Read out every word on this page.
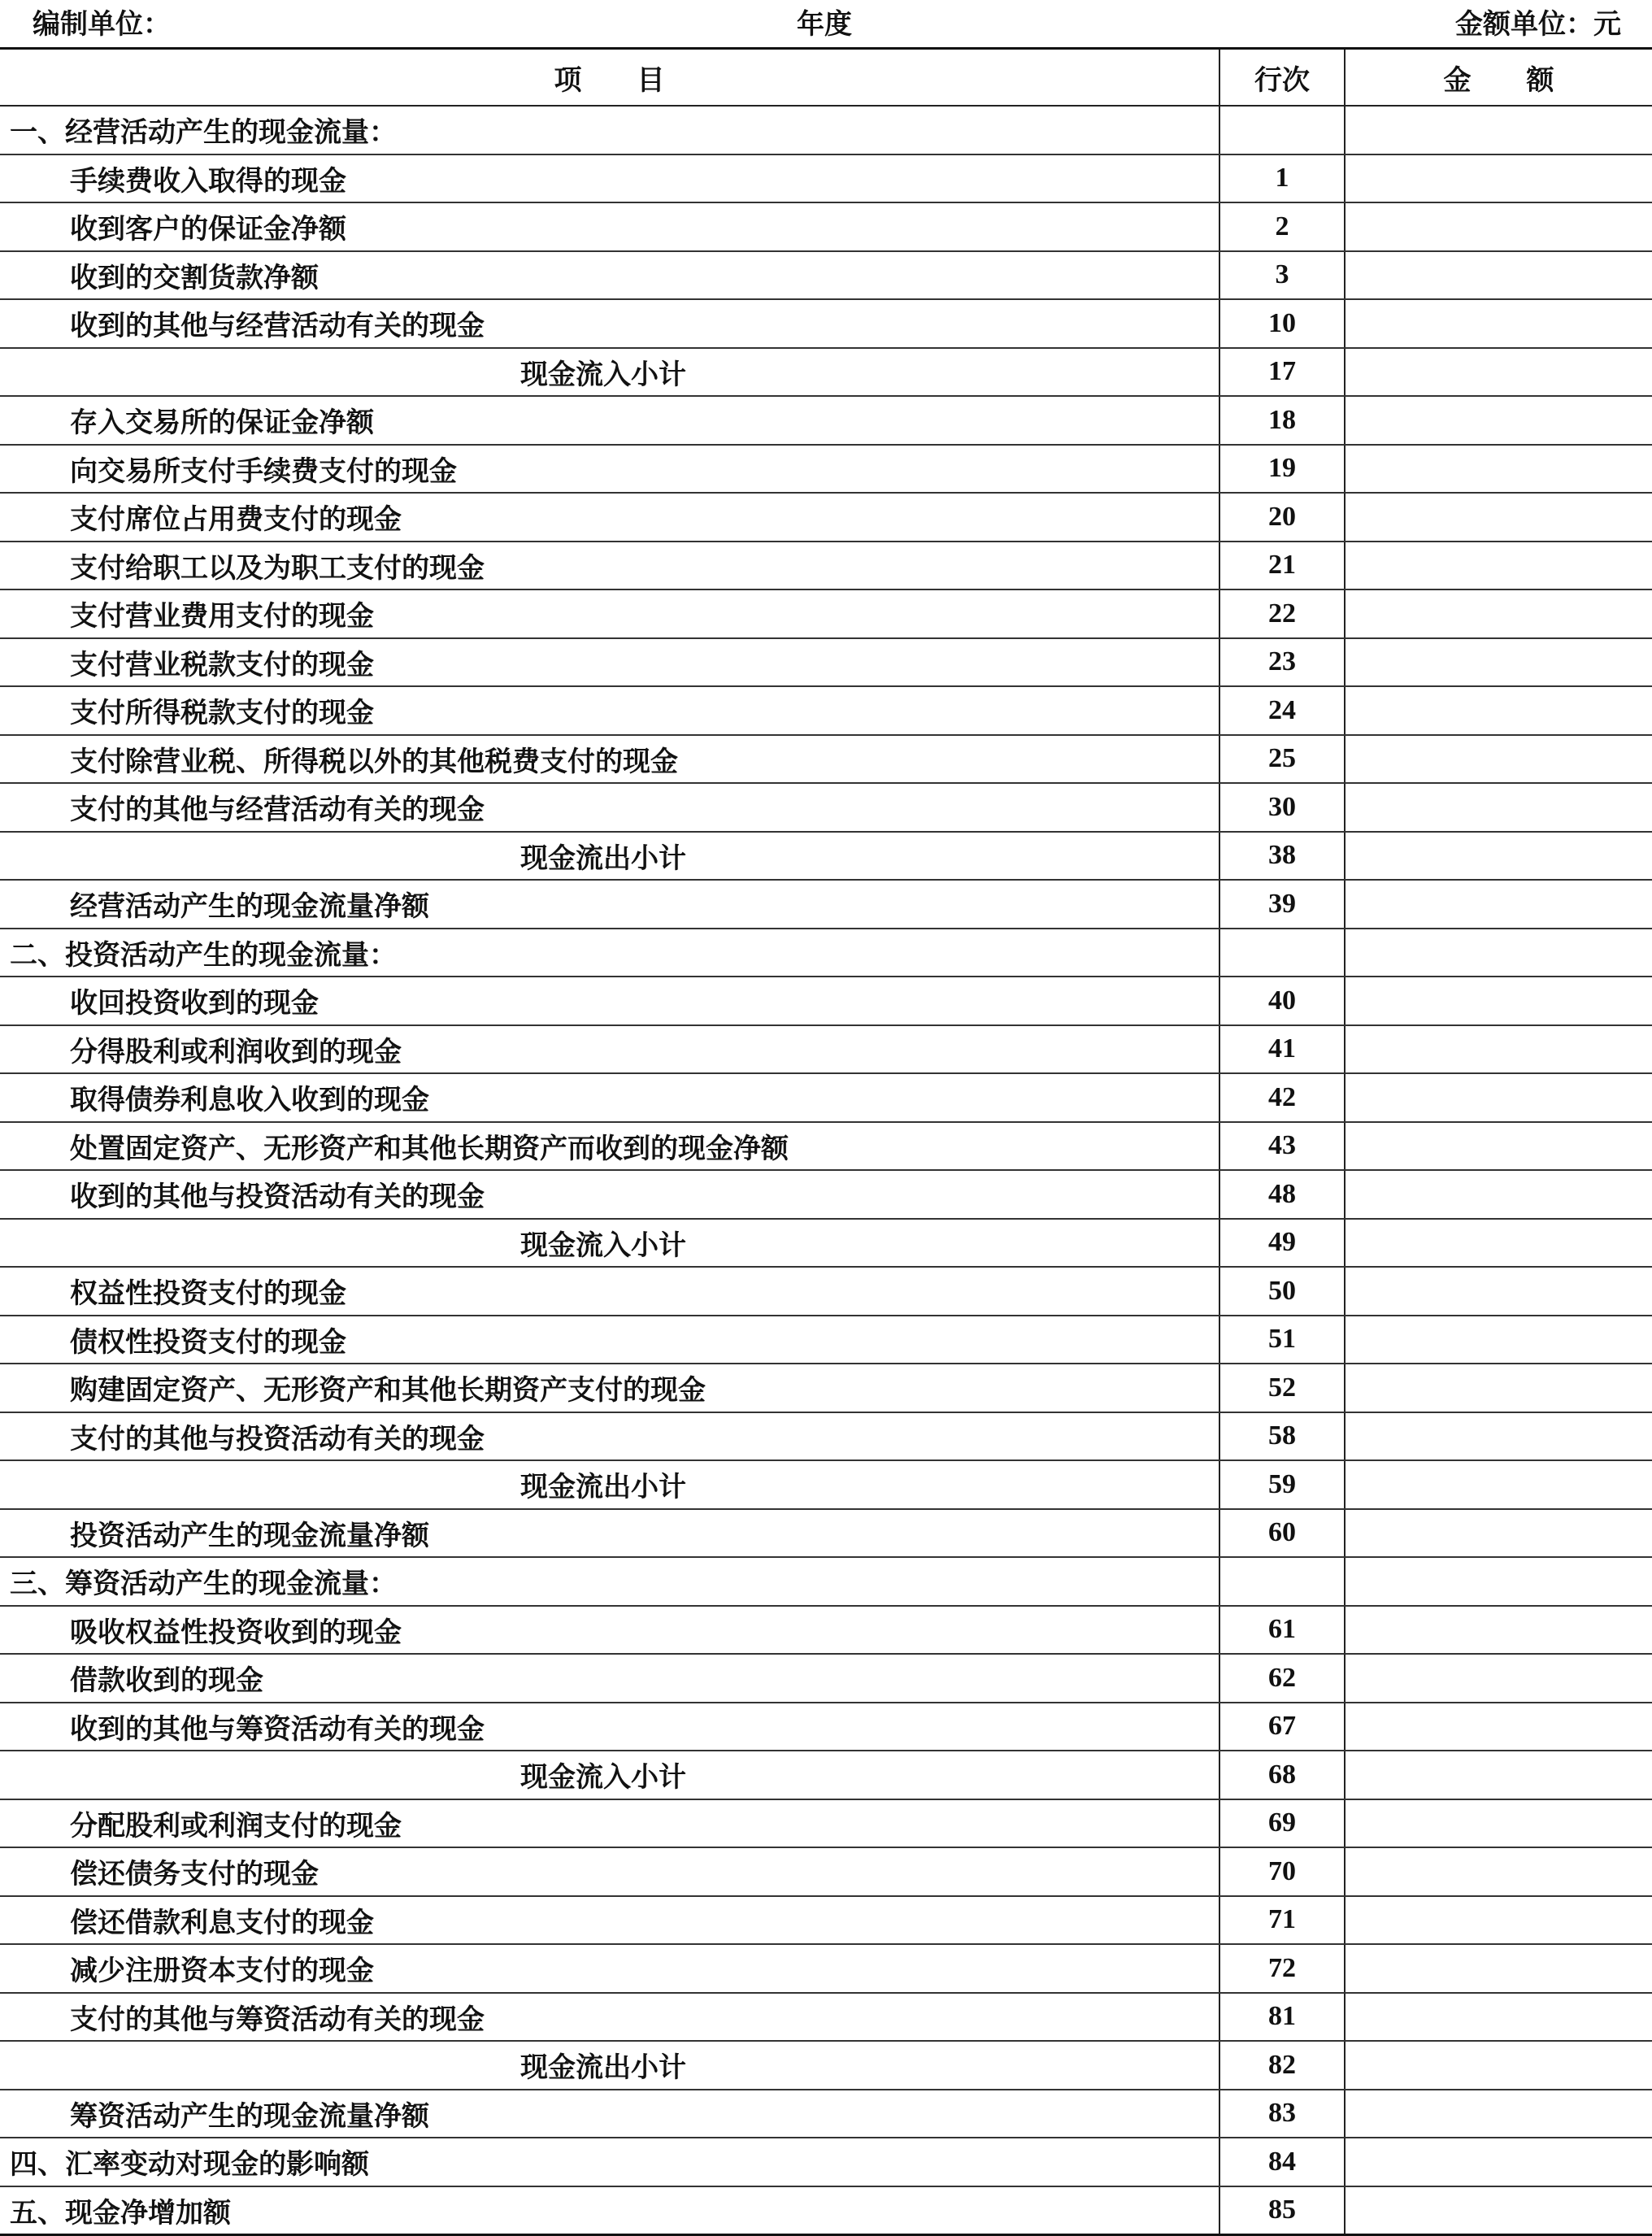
编制单位：	年度	金额单位：元
项　　目	行次	金　　额
一、经营活动产生的现金流量：		
手续费收入取得的现金	1	
收到客户的保证金净额	2	
收到的交割货款净额	3	
收到的其他与经营活动有关的现金	10	
现金流入小计	17	
存入交易所的保证金净额	18	
向交易所支付手续费支付的现金	19	
支付席位占用费支付的现金	20	
支付给职工以及为职工支付的现金	21	
支付营业费用支付的现金	22	
支付营业税款支付的现金	23	
支付所得税款支付的现金	24	
支付除营业税、所得税以外的其他税费支付的现金	25	
支付的其他与经营活动有关的现金	30	
现金流出小计	38	
经营活动产生的现金流量净额	39	
二、投资活动产生的现金流量：		
收回投资收到的现金	40	
分得股利或利润收到的现金	41	
取得债券利息收入收到的现金	42	
处置固定资产、无形资产和其他长期资产而收到的现金净额	43	
收到的其他与投资活动有关的现金	48	
现金流入小计	49	
权益性投资支付的现金	50	
债权性投资支付的现金	51	
购建固定资产、无形资产和其他长期资产支付的现金	52	
支付的其他与投资活动有关的现金	58	
现金流出小计	59	
投资活动产生的现金流量净额	60	
三、筹资活动产生的现金流量：		
吸收权益性投资收到的现金	61	
借款收到的现金	62	
收到的其他与筹资活动有关的现金	67	
现金流入小计	68	
分配股利或利润支付的现金	69	
偿还债务支付的现金	70	
偿还借款利息支付的现金	71	
减少注册资本支付的现金	72	
支付的其他与筹资活动有关的现金	81	
现金流出小计	82	
筹资活动产生的现金流量净额	83	
四、汇率变动对现金的影响额	84	
五、现金净增加额	85	
